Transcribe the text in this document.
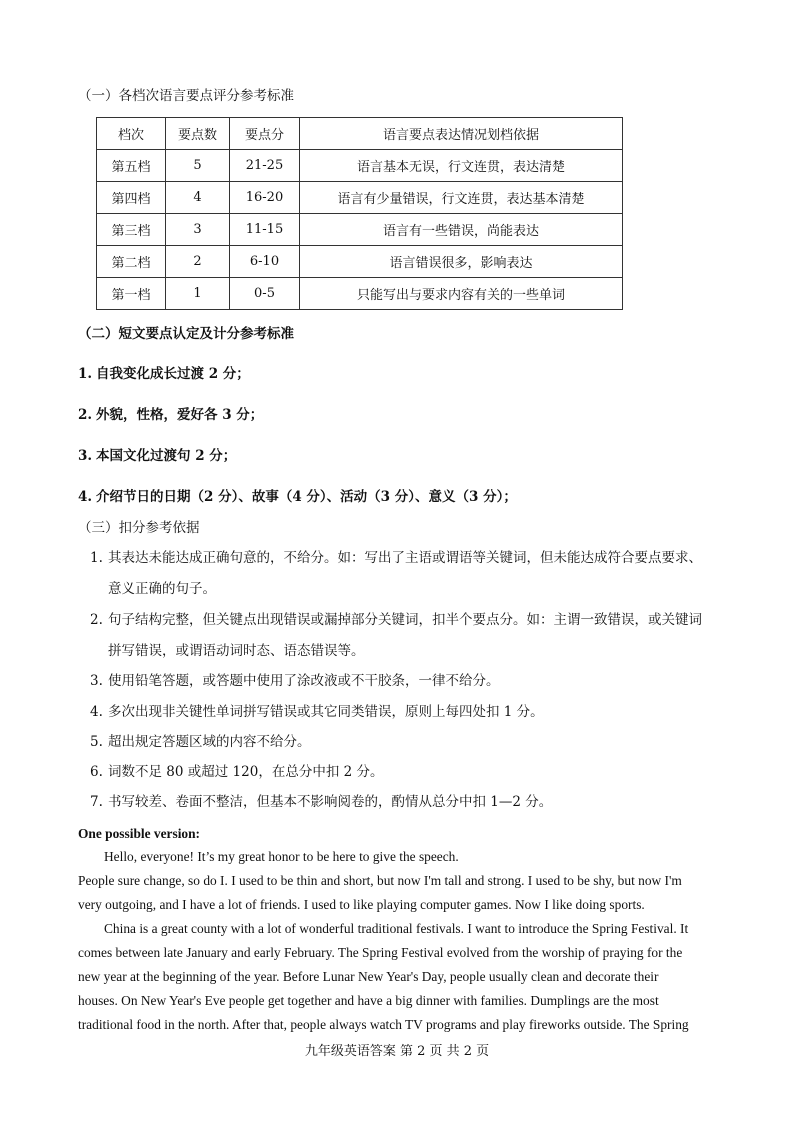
（一）各档次语言要点评分参考标准
档次	要点数	要点分	语言要点表达情况划档依据
第五档	5	21-25	语言基本无误，行文连贯，表达清楚
第四档	4	16-20	语言有少量错误，行文连贯，表达基本清楚
第三档	3	11-15	语言有一些错误，尚能表达
第二档	2	6-10	语言错误很多，影响表达
第一档	1	0-5	只能写出与要求内容有关的一些单词
（二）短文要点认定及计分参考标准
1. 自我变化成长过渡 2 分；
2. 外貌，性格，爱好各 3 分；
3. 本国文化过渡句 2 分；
4. 介绍节日的日期（2 分）、故事（4 分）、活动（3 分）、意义（3 分）；
（三）扣分参考依据
1. 其表达未能达成正确句意的，不给分。如：写出了主语或谓语等关键词，但未能达成符合要点要求、
意义正确的句子。
2. 句子结构完整，但关键点出现错误或漏掉部分关键词，扣半个要点分。如：主谓一致错误，或关键词
拼写错误，或谓语动词时态、语态错误等。
3. 使用铅笔答题，或答题中使用了涂改液或不干胶条，一律不给分。
4. 多次出现非关键性单词拼写错误或其它同类错误，原则上每四处扣 1 分。
5. 超出规定答题区域的内容不给分。
6. 词数不足 80 或超过 120，在总分中扣 2 分。
7. 书写较差、卷面不整洁，但基本不影响阅卷的，酌情从总分中扣 1—2 分。
One possible version:
Hello, everyone! It’s my great honor to be here to give the speech.
People sure change, so do I. I used to be thin and short, but now I'm tall and strong. I used to be shy, but now I'm
very outgoing, and I have a lot of friends. I used to like playing computer games. Now I like doing sports.
China is a great county with a lot of wonderful traditional festivals. I want to introduce the Spring Festival. It
comes between late January and early February. The Spring Festival evolved from the worship of praying for the
new year at the beginning of the year. Before Lunar New Year's Day, people usually clean and decorate their
houses. On New Year's Eve people get together and have a big dinner with families. Dumplings are the most
traditional food in the north. After that, people always watch TV programs and play fireworks outside. The Spring
九年级英语答案 第 2 页 共 2 页
